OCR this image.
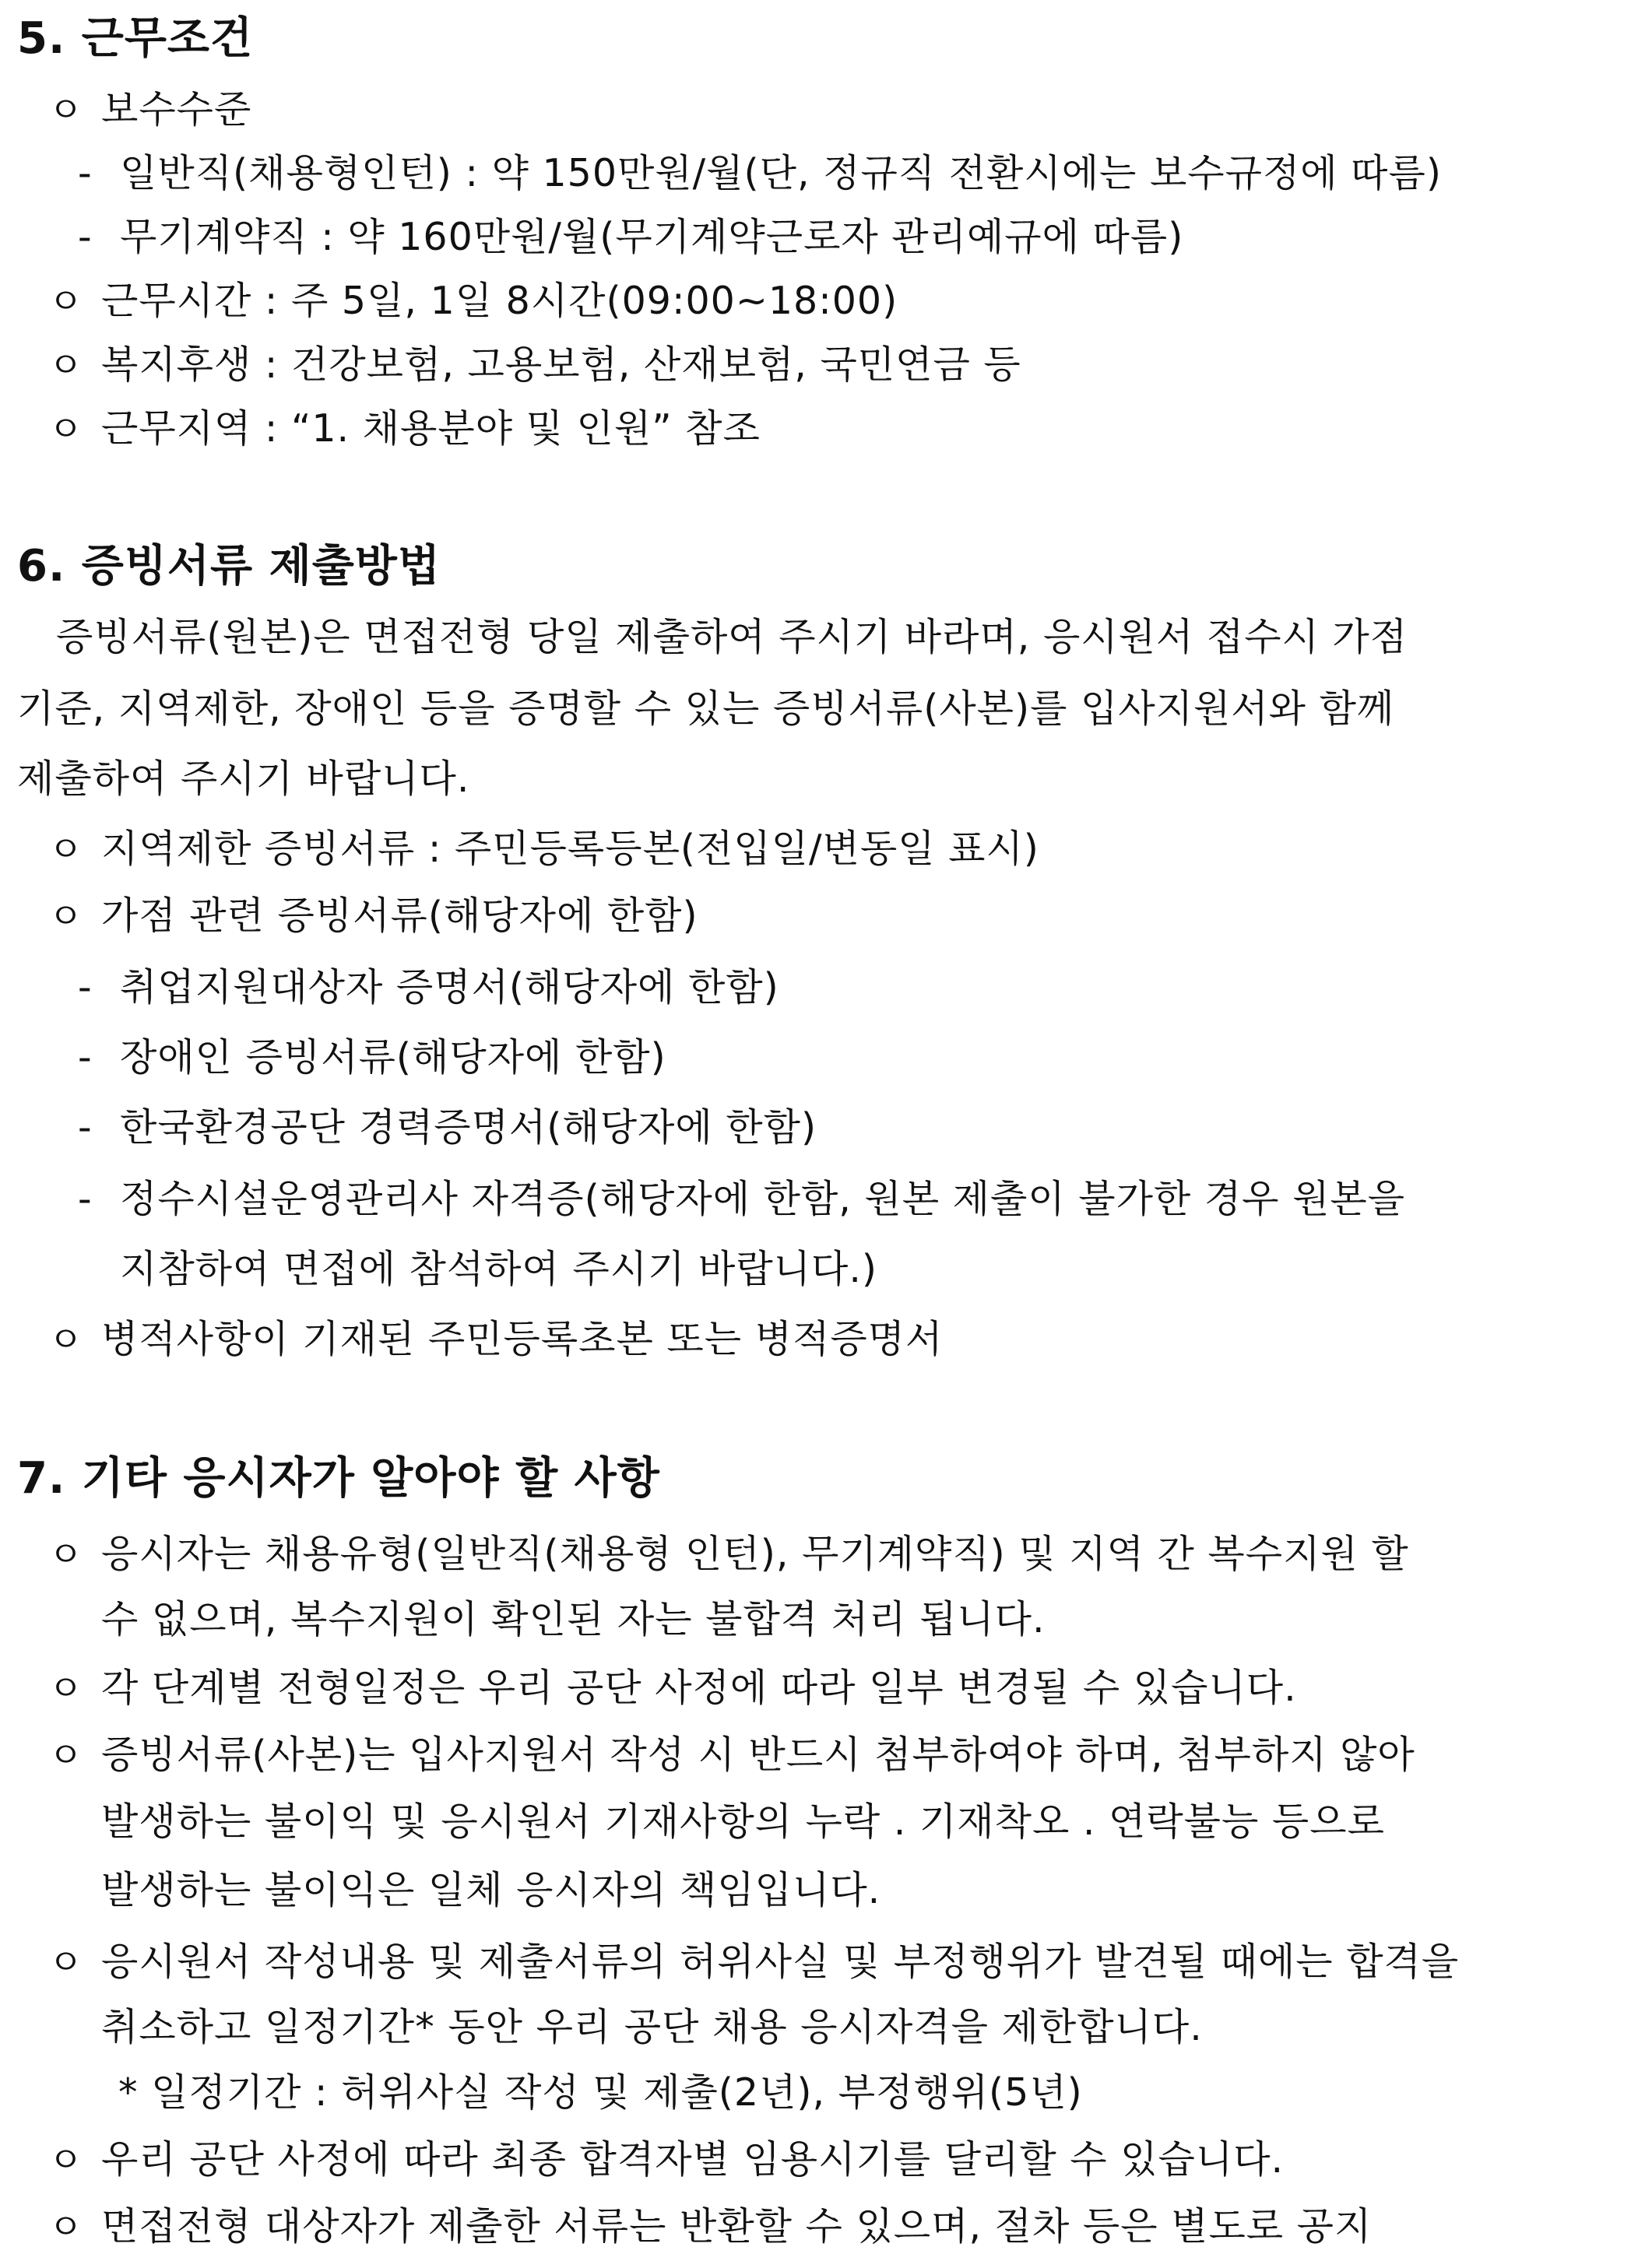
5. 근무조건
ㅇ 보수수준
- 일반직(채용형인턴) : 약 150만원/월(단, 정규직 전환시에는 보수규정에 따름)
- 무기계약직 : 약 160만원/월(무기계약근로자 관리예규에 따름)
ㅇ 근무시간 : 주 5일, 1일 8시간(09:00~18:00)
ㅇ 복지후생 : 건강보험, 고용보험, 산재보험, 국민연금 등
ㅇ 근무지역 : “1. 채용분야 및 인원” 참조
6. 증빙서류 제출방법
증빙서류(원본)은 면접전형 당일 제출하여 주시기 바라며, 응시원서 접수시 가점
기준, 지역제한, 장애인 등을 증명할 수 있는 증빙서류(사본)를 입사지원서와 함께
제출하여 주시기 바랍니다.
ㅇ 지역제한 증빙서류 : 주민등록등본(전입일/변동일 표시)
ㅇ 가점 관련 증빙서류(해당자에 한함)
- 취업지원대상자 증명서(해당자에 한함)
- 장애인 증빙서류(해당자에 한함)
- 한국환경공단 경력증명서(해당자에 한함)
- 정수시설운영관리사 자격증(해당자에 한함, 원본 제출이 불가한 경우 원본을
지참하여 면접에 참석하여 주시기 바랍니다.)
ㅇ 병적사항이 기재된 주민등록초본 또는 병적증명서
7. 기타 응시자가 알아야 할 사항
ㅇ 응시자는 채용유형(일반직(채용형 인턴), 무기계약직) 및 지역 간 복수지원 할
수 없으며, 복수지원이 확인된 자는 불합격 처리 됩니다.
ㅇ 각 단계별 전형일정은 우리 공단 사정에 따라 일부 변경될 수 있습니다.
ㅇ 증빙서류(사본)는 입사지원서 작성 시 반드시 첨부하여야 하며, 첨부하지 않아
발생하는 불이익 및 응시원서 기재사항의 누락 . 기재착오 . 연락불능 등으로
발생하는 불이익은 일체 응시자의 책임입니다.
ㅇ 응시원서 작성내용 및 제출서류의 허위사실 및 부정행위가 발견될 때에는 합격을
취소하고 일정기간* 동안 우리 공단 채용 응시자격을 제한합니다.
* 일정기간 : 허위사실 작성 및 제출(2년), 부정행위(5년)
ㅇ 우리 공단 사정에 따라 최종 합격자별 임용시기를 달리할 수 있습니다.
ㅇ 면접전형 대상자가 제출한 서류는 반환할 수 있으며, 절차 등은 별도로 공지
